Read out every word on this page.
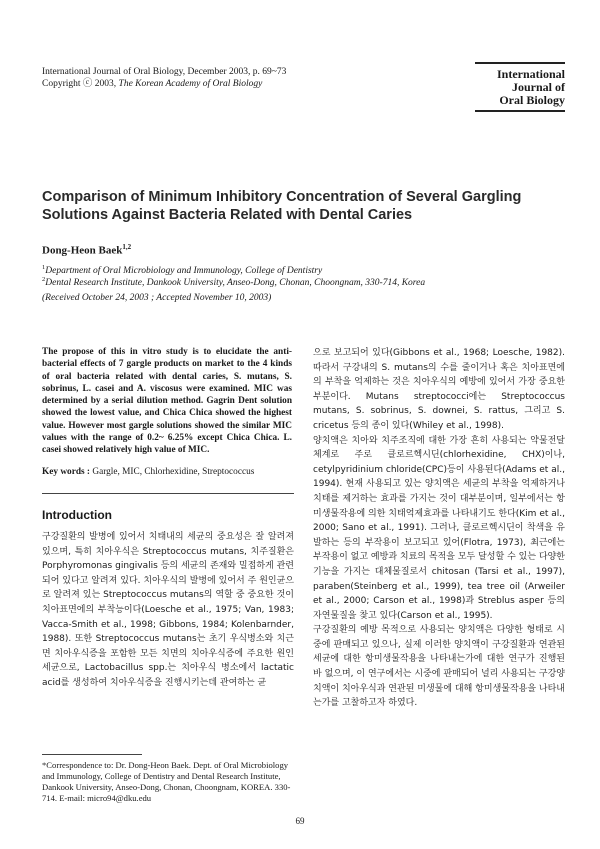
International Journal of Oral Biology, December 2003, p. 69~73
Copyright ⓒ 2003, The Korean Academy of Oral Biology
International
Journal of
Oral Biology
Comparison of Minimum Inhibitory Concentration of Several Gargling
Solutions Against Bacteria Related with Dental Caries
Dong-Heon Baek$^{1,2}$
$^1$Department of Oral Microbiology and Immunology, College of Dentistry
$^2$Dental Research Institute, Dankook University, Anseo-Dong, Chonan, Choongnam, 330-714, Korea
(Received October 24, 2003 ; Accepted November 10, 2003)
The propose of this in vitro study is to elucidate the anti-bacterial effects of 7 gargle products on market to the 4 kinds of oral bacteria related with dental caries, S. mutans, S. sobrinus, L. casei and A. viscosus were examined. MIC was determined by a serial dilution method. Gagrin Dent solution showed the lowest value, and Chica Chica showed the highest value. However most gargle solutions showed the similar MIC values with the range of 0.2~ 6.25% except Chica Chica. L. casei showed relatively high value of MIC.
Key words : Gargle, MIC, Chlorhexidine, Streptococcus
Introduction

구강질환의 발병에 있어서 치태내의 세균의 중요성은 잘 알려져 있으며, 특히 치아우식은 Streptococcus mutans, 치주질환은 Porphyromonas gingivalis 등의 세균의 존재와 밀접하게 관련되어 있다고 알려져 있다. 치아우식의 발병에 있어서 주 원인균으로 알려져 있는 Streptococcus mutans의 역할 중 중요한 것이 치아표면에의 부착능이다(Loesche et al., 1975; Van, 1983; Vacca-Smith et al., 1998; Gibbons, 1984; Kolenbarnder, 1988). 또한 Streptococcus mutans는 초기 우식병소와 치근면 치아우식증을 포함한 모든 치면의 치아우식증에 주요한 원인세균으로, Lactobacillus spp.는 치아우식 병소에서 lactatic acid를 생성하여 치아우식증을 진행시키는데 관여하는 균

으로 보고되어 있다(Gibbons et al., 1968; Loesche, 1982). 따라서 구강내의 S. mutans의 수를 줄이거나 혹은 치아표면에의 부착을 억제하는 것은 치아우식의 예방에 있어서 가장 중요한 부분이다. Mutans streptococci에는 Streptococcus mutans, S. sobrinus, S. downei, S. rattus, 그리고 S. cricetus 등의 종이 있다(Whiley et al., 1998).

양치액은 치아와 치주조직에 대한 가장 흔히 사용되는 약물전달체계로 주로 클로르헥시딘(chlorhexidine, CHX)이나, cetylpyridinium chloride(CPC)등이 사용된다(Adams et al., 1994). 현재 사용되고 있는 양치액은 세균의 부착을 억제하거나 치태를 제거하는 효과를 가지는 것이 대부분이며, 일부에서는 항미생물작용에 의한 치태억제효과를 나타내기도 한다(Kim et al., 2000; Sano et al., 1991). 그러나, 클로르헥시딘이 착색을 유발하는 등의 부작용이 보고되고 있어(Flotra, 1973), 최근에는 부작용이 없고 예방과 치료의 목적을 모두 달성할 수 있는 다양한 기능을 가지는 대체물질로서 chitosan (Tarsi et al., 1997), paraben(Steinberg et al., 1999), tea tree oil (Arweiler et al., 2000; Carson et al., 1998)과 Streblus asper 등의 자연물질을 찾고 있다(Carson et al., 1995).

구강질환의 예방 목적으로 사용되는 양치액은 다양한 형태로 시중에 판매되고 있으나, 실제 이러한 양치액이 구강질환과 연관된 세균에 대한 항미생물작용을 나타내는가에 대한 연구가 진행된 바 없으며, 이 연구에서는 시중에 판매되어 널리 사용되는 구강양치액이 치아우식과 연관된 미생물에 대해 항미생물작용을 나타내는가를 고찰하고자 하였다.

*Correspondence to: Dr. Dong-Heon Baek. Dept. of Oral Microbiology and Immunology, College of Dentistry and Dental Research Institute, Dankook University, Anseo-Dong, Chonan, Choongnam, KOREA. 330-714. E-mail: micro94@dku.edu
69
